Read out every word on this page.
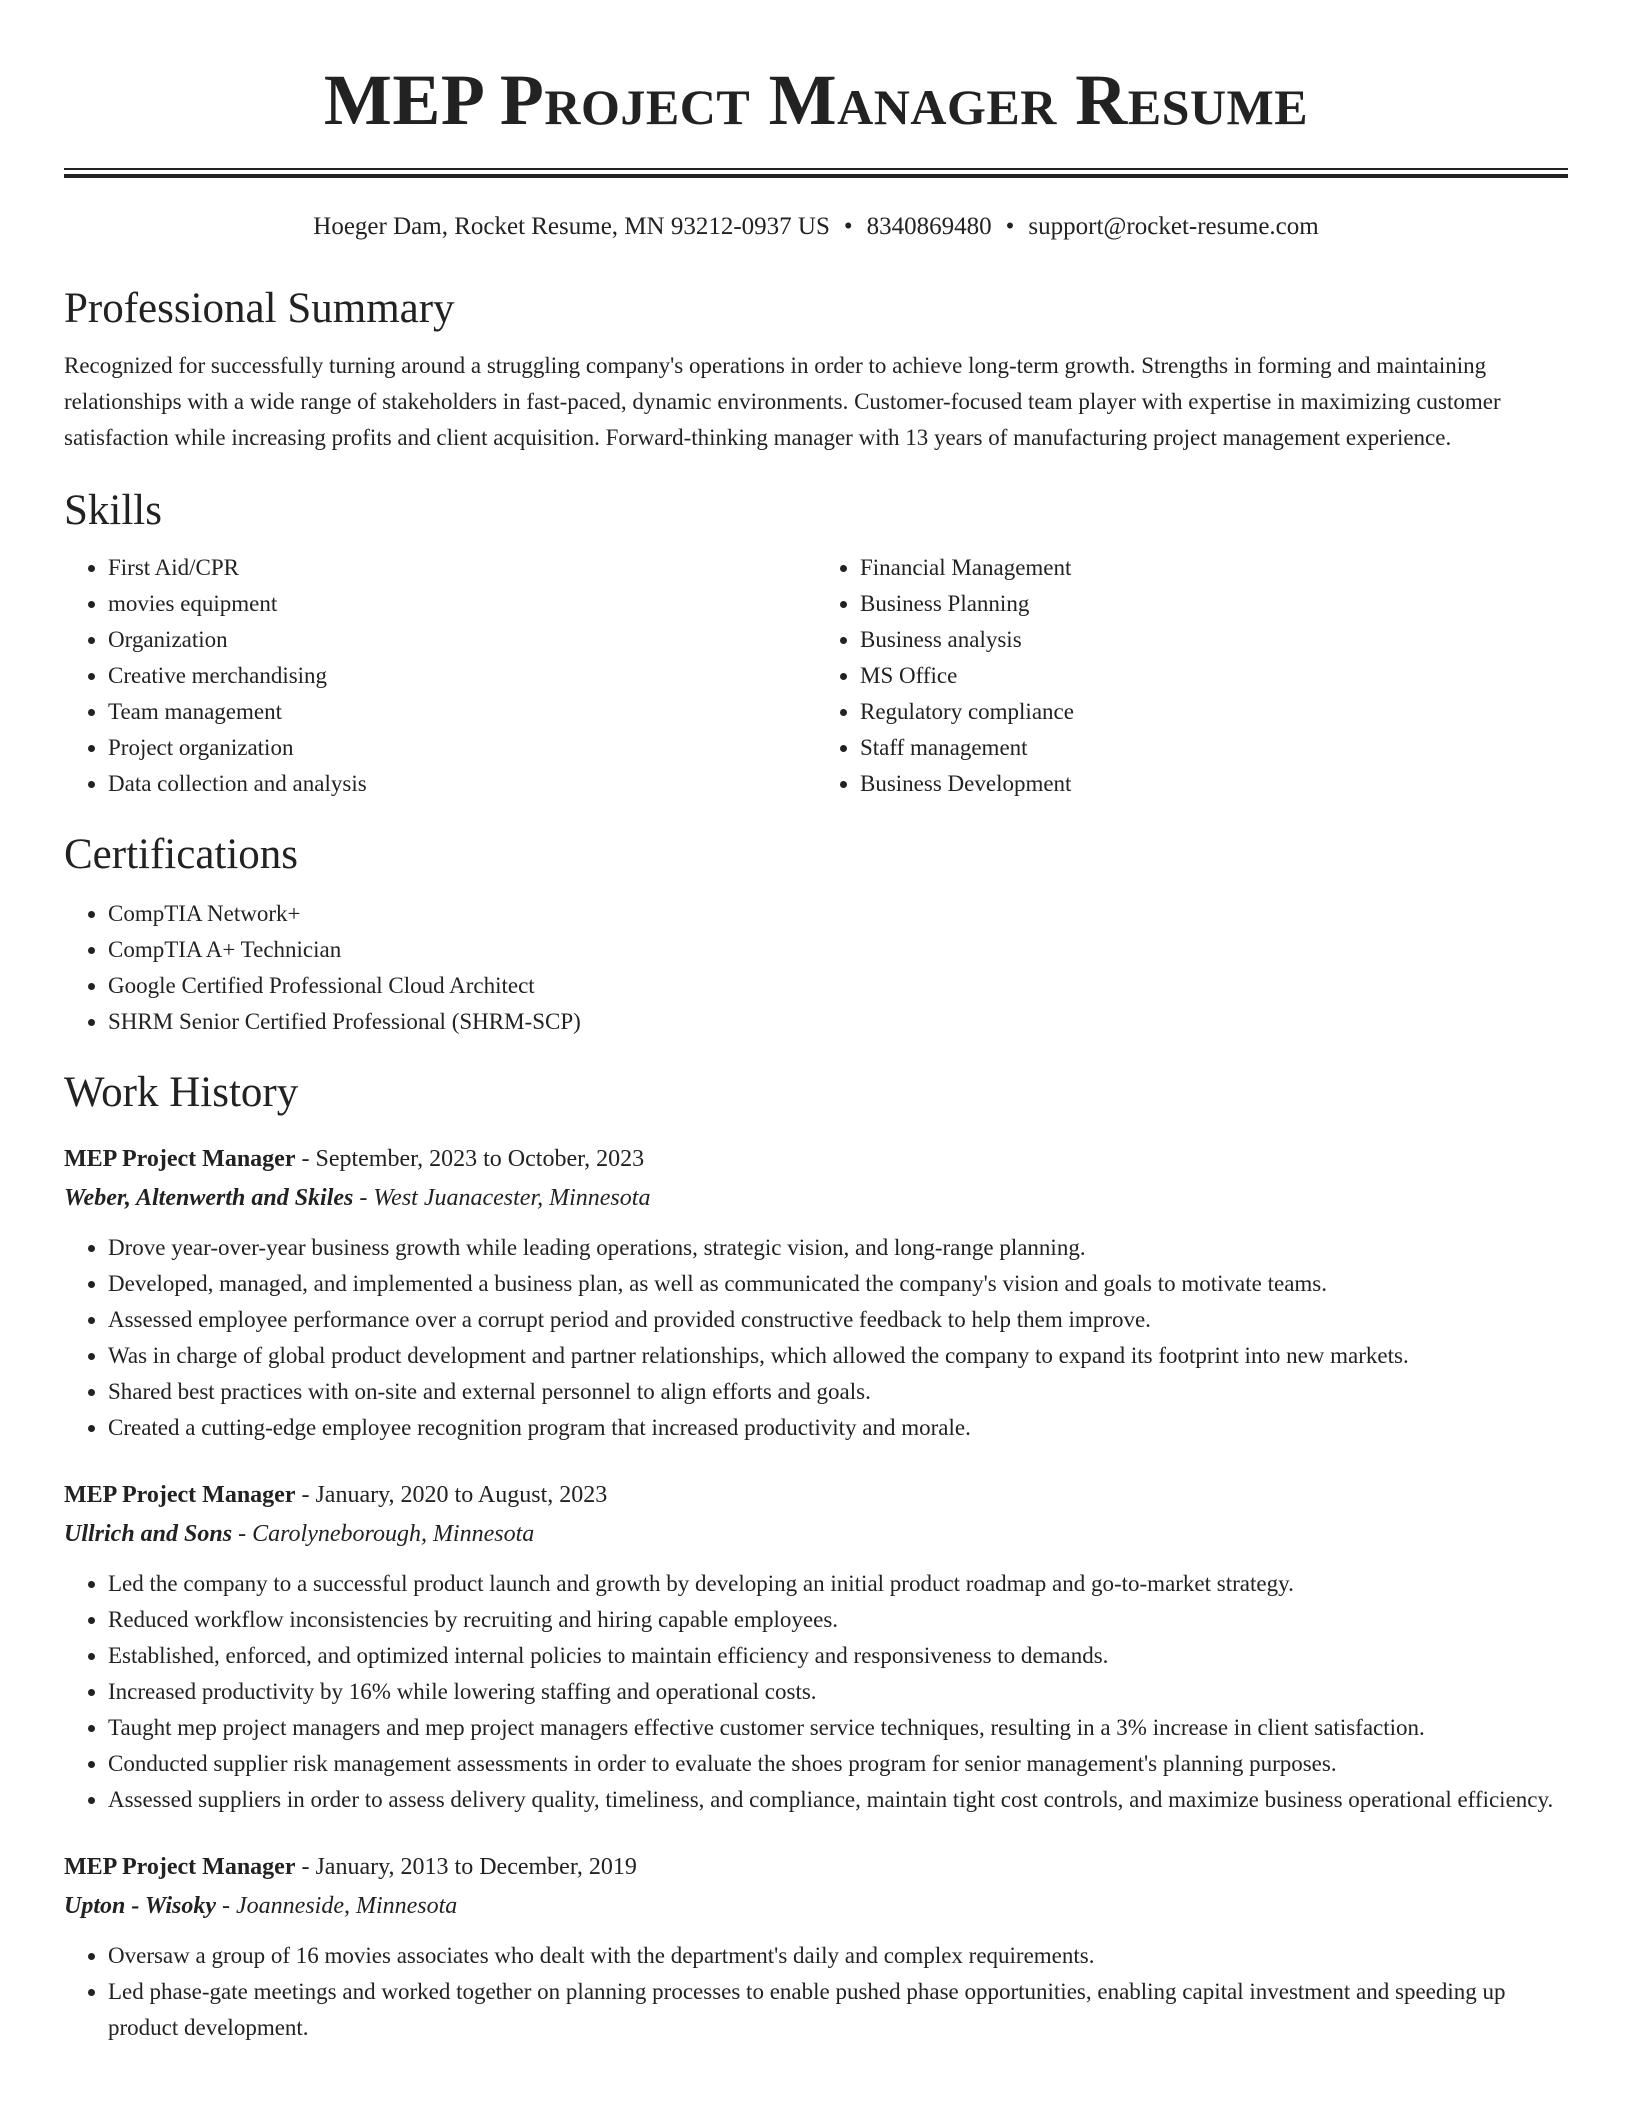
MEP Project Manager Resume
Hoeger Dam, Rocket Resume, MN 93212-0937 US • 8340869480 • support@rocket-resume.com
Professional Summary

Recognized for successfully turning around a struggling company's operations in order to achieve long-term growth. Strengths in forming and maintaining relationships with a wide range of stakeholders in fast-paced, dynamic environments. Customer-focused team player with expertise in maximizing customer satisfaction while increasing profits and client acquisition. Forward-thinking manager with 13 years of manufacturing project management experience.

Skills
• First Aid/CPR
• movies equipment
• Organization
• Creative merchandising
• Team management
• Project organization
• Data collection and analysis
• Financial Management
• Business Planning
• Business analysis
• MS Office
• Regulatory compliance
• Staff management
• Business Development
Certifications
• CompTIA Network+
• CompTIA A+ Technician
• Google Certified Professional Cloud Architect
• SHRM Senior Certified Professional (SHRM-SCP)
Work History
MEP Project Manager - September, 2023 to October, 2023
Weber, Altenwerth and Skiles - West Juanacester, Minnesota
• Drove year-over-year business growth while leading operations, strategic vision, and long-range planning.
• Developed, managed, and implemented a business plan, as well as communicated the company's vision and goals to motivate teams.
• Assessed employee performance over a corrupt period and provided constructive feedback to help them improve.
• Was in charge of global product development and partner relationships, which allowed the company to expand its footprint into new markets.
• Shared best practices with on-site and external personnel to align efforts and goals.
• Created a cutting-edge employee recognition program that increased productivity and morale.
MEP Project Manager - January, 2020 to August, 2023
Ullrich and Sons - Carolyneborough, Minnesota
• Led the company to a successful product launch and growth by developing an initial product roadmap and go-to-market strategy.
• Reduced workflow inconsistencies by recruiting and hiring capable employees.
• Established, enforced, and optimized internal policies to maintain efficiency and responsiveness to demands.
• Increased productivity by 16% while lowering staffing and operational costs.
• Taught mep project managers and mep project managers effective customer service techniques, resulting in a 3% increase in client satisfaction.
• Conducted supplier risk management assessments in order to evaluate the shoes program for senior management's planning purposes.
• Assessed suppliers in order to assess delivery quality, timeliness, and compliance, maintain tight cost controls, and maximize business operational efficiency.
MEP Project Manager - January, 2013 to December, 2019
Upton - Wisoky - Joanneside, Minnesota
• Oversaw a group of 16 movies associates who dealt with the department's daily and complex requirements.
• Led phase-gate meetings and worked together on planning processes to enable pushed phase opportunities, enabling capital investment and speeding up product development.
